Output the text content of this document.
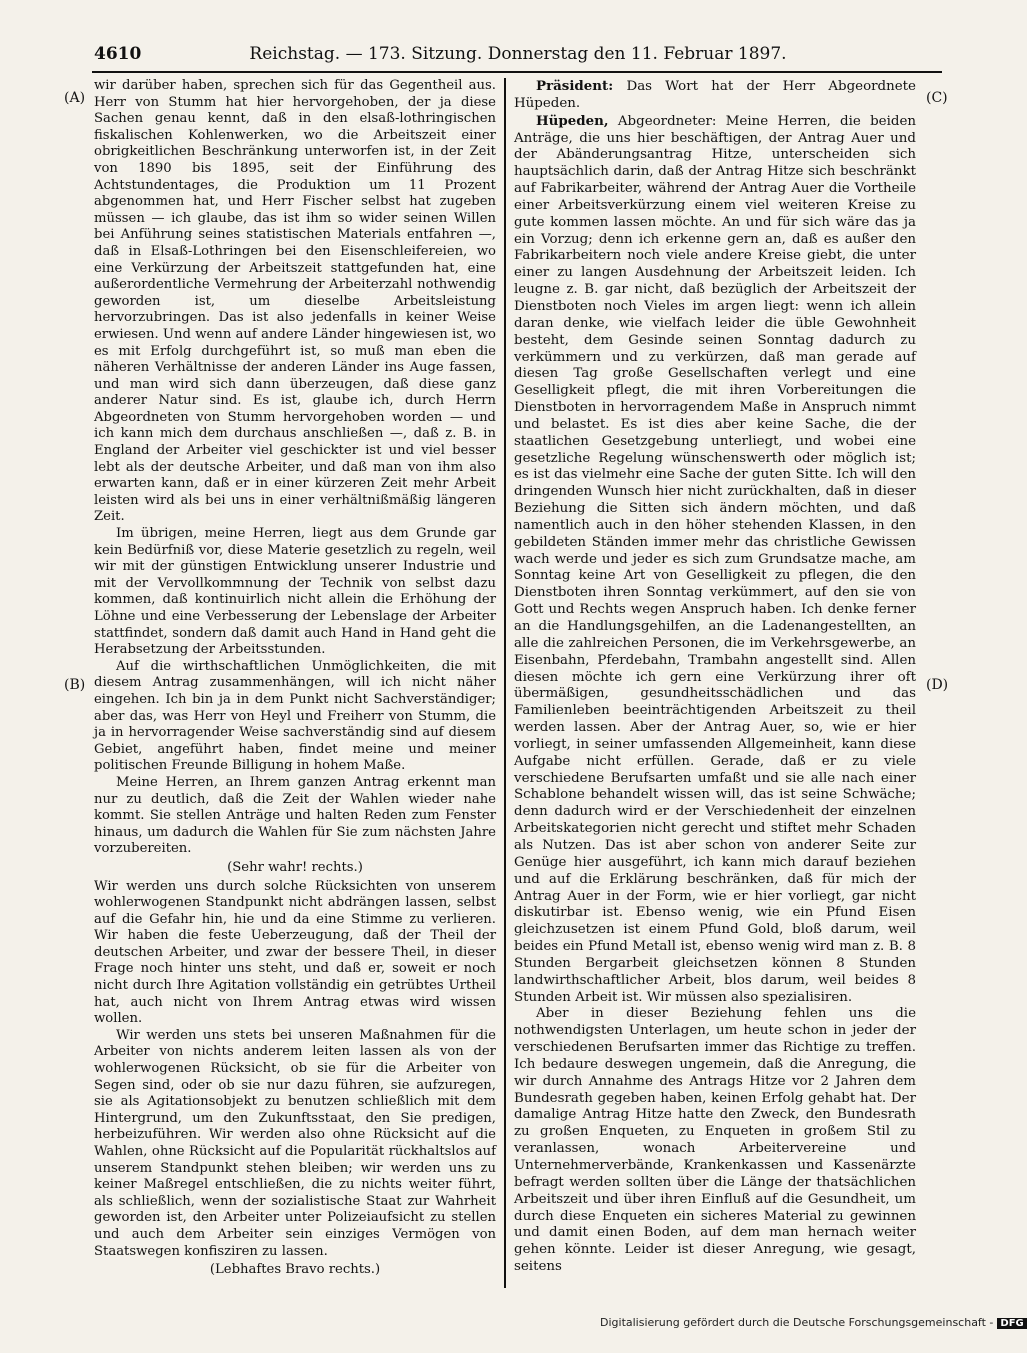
4610	Reichstag. — 173. Sitzung. Donnerstag den 11. Februar 1897.
(A)
(B)
(C)
(D)

wir darüber haben, sprechen sich für das Gegentheil aus. Herr von Stumm hat hier hervorgehoben, der ja diese Sachen genau kennt, daß in den elsaß-lothringischen fiskalischen Kohlenwerken, wo die Arbeitszeit einer obrigkeitlichen Beschränkung unterworfen ist, in der Zeit von 1890 bis 1895, seit der Einführung des Achtstundentages, die Produktion um 11 Prozent abgenommen hat, und Herr Fischer selbst hat zugeben müssen — ich glaube, das ist ihm so wider seinen Willen bei Anführung seines statistischen Materials entfahren —, daß in Elsaß-Lothringen bei den Eisenschleifereien, wo eine Verkürzung der Arbeitszeit stattgefunden hat, eine außerordentliche Vermehrung der Arbeiterzahl nothwendig geworden ist, um dieselbe Arbeitsleistung hervorzubringen. Das ist also jedenfalls in keiner Weise erwiesen. Und wenn auf andere Länder hingewiesen ist, wo es mit Erfolg durchgeführt ist, so muß man eben die näheren Verhältnisse der anderen Länder ins Auge fassen, und man wird sich dann überzeugen, daß diese ganz anderer Natur sind. Es ist, glaube ich, durch Herrn Abgeordneten von Stumm hervorgehoben worden — und ich kann mich dem durchaus anschließen —, daß z. B. in England der Arbeiter viel geschickter ist und viel besser lebt als der deutsche Arbeiter, und daß man von ihm also erwarten kann, daß er in einer kürzeren Zeit mehr Arbeit leisten wird als bei uns in einer verhältnißmäßig längeren Zeit.

Im übrigen, meine Herren, liegt aus dem Grunde gar kein Bedürfniß vor, diese Materie gesetzlich zu regeln, weil wir mit der günstigen Entwicklung unserer Industrie und mit der Vervollkommnung der Technik von selbst dazu kommen, daß kontinuirlich nicht allein die Erhöhung der Löhne und eine Verbesserung der Lebenslage der Arbeiter stattfindet, sondern daß damit auch Hand in Hand geht die Herabsetzung der Arbeitsstunden.

Auf die wirthschaftlichen Unmöglichkeiten, die mit diesem Antrag zusammenhängen, will ich nicht näher eingehen. Ich bin ja in dem Punkt nicht Sachverständiger; aber das, was Herr von Heyl und Freiherr von Stumm, die ja in hervorragender Weise sachverständig sind auf diesem Gebiet, angeführt haben, findet meine und meiner politischen Freunde Billigung in hohem Maße.

Meine Herren, an Ihrem ganzen Antrag erkennt man nur zu deutlich, daß die Zeit der Wahlen wieder nahe kommt. Sie stellen Anträge und halten Reden zum Fenster hinaus, um dadurch die Wahlen für Sie zum nächsten Jahre vorzubereiten.

(Sehr wahr! rechts.)

Wir werden uns durch solche Rücksichten von unserem wohlerwogenen Standpunkt nicht abdrängen lassen, selbst auf die Gefahr hin, hie und da eine Stimme zu verlieren. Wir haben die feste Ueberzeugung, daß der Theil der deutschen Arbeiter, und zwar der bessere Theil, in dieser Frage noch hinter uns steht, und daß er, soweit er noch nicht durch Ihre Agitation vollständig ein getrübtes Urtheil hat, auch nicht von Ihrem Antrag etwas wird wissen wollen.

Wir werden uns stets bei unseren Maßnahmen für die Arbeiter von nichts anderem leiten lassen als von der wohlerwogenen Rücksicht, ob sie für die Arbeiter von Segen sind, oder ob sie nur dazu führen, sie aufzuregen, sie als Agitationsobjekt zu benutzen schließlich mit dem Hintergrund, um den Zukunftsstaat, den Sie predigen, herbeizuführen. Wir werden also ohne Rücksicht auf die Wahlen, ohne Rücksicht auf die Popularität rückhaltslos auf unserem Standpunkt stehen bleiben; wir werden uns zu keiner Maßregel entschließen, die zu nichts weiter führt, als schließlich, wenn der sozialistische Staat zur Wahrheit geworden ist, den Arbeiter unter Polizeiaufsicht zu stellen und auch dem Arbeiter sein einziges Vermögen von Staatswegen konfisziren zu lassen.

(Lebhaftes Bravo rechts.)

Präsident: Das Wort hat der Herr Abgeordnete Hüpeden.

Hüpeden, Abgeordneter: Meine Herren, die beiden Anträge, die uns hier beschäftigen, der Antrag Auer und der Abänderungsantrag Hitze, unterscheiden sich hauptsächlich darin, daß der Antrag Hitze sich beschränkt auf Fabrikarbeiter, während der Antrag Auer die Vortheile einer Arbeitsverkürzung einem viel weiteren Kreise zu gute kommen lassen möchte. An und für sich wäre das ja ein Vorzug; denn ich erkenne gern an, daß es außer den Fabrikarbeitern noch viele andere Kreise giebt, die unter einer zu langen Ausdehnung der Arbeitszeit leiden. Ich leugne z. B. gar nicht, daß bezüglich der Arbeitszeit der Dienstboten noch Vieles im argen liegt: wenn ich allein daran denke, wie vielfach leider die üble Gewohnheit besteht, dem Gesinde seinen Sonntag dadurch zu verkümmern und zu verkürzen, daß man gerade auf diesen Tag große Gesellschaften verlegt und eine Geselligkeit pflegt, die mit ihren Vorbereitungen die Dienstboten in hervorragendem Maße in Anspruch nimmt und belastet. Es ist dies aber keine Sache, die der staatlichen Gesetzgebung unterliegt, und wobei eine gesetzliche Regelung wünschenswerth oder möglich ist; es ist das vielmehr eine Sache der guten Sitte. Ich will den dringenden Wunsch hier nicht zurückhalten, daß in dieser Beziehung die Sitten sich ändern möchten, und daß namentlich auch in den höher stehenden Klassen, in den gebildeten Ständen immer mehr das christliche Gewissen wach werde und jeder es sich zum Grundsatze mache, am Sonntag keine Art von Geselligkeit zu pflegen, die den Dienstboten ihren Sonntag verkümmert, auf den sie von Gott und Rechts wegen Anspruch haben. Ich denke ferner an die Handlungsgehilfen, an die Ladenangestellten, an alle die zahlreichen Personen, die im Verkehrsgewerbe, an Eisenbahn, Pferdebahn, Trambahn angestellt sind. Allen diesen möchte ich gern eine Verkürzung ihrer oft übermäßigen, gesundheitsschädlichen und das Familienleben beeinträchtigenden Arbeitszeit zu theil werden lassen. Aber der Antrag Auer, so, wie er hier vorliegt, in seiner umfassenden Allgemeinheit, kann diese Aufgabe nicht erfüllen. Gerade, daß er zu viele verschiedene Berufsarten umfaßt und sie alle nach einer Schablone behandelt wissen will, das ist seine Schwäche; denn dadurch wird er der Verschiedenheit der einzelnen Arbeitskategorien nicht gerecht und stiftet mehr Schaden als Nutzen. Das ist aber schon von anderer Seite zur Genüge hier ausgeführt, ich kann mich darauf beziehen und auf die Erklärung beschränken, daß für mich der Antrag Auer in der Form, wie er hier vorliegt, gar nicht diskutirbar ist. Ebenso wenig, wie ein Pfund Eisen gleichzusetzen ist einem Pfund Gold, bloß darum, weil beides ein Pfund Metall ist, ebenso wenig wird man z. B. 8 Stunden Bergarbeit gleichsetzen können 8 Stunden landwirthschaftlicher Arbeit, blos darum, weil beides 8 Stunden Arbeit ist. Wir müssen also spezialisiren.

Aber in dieser Beziehung fehlen uns die nothwendigsten Unterlagen, um heute schon in jeder der verschiedenen Berufsarten immer das Richtige zu treffen. Ich bedaure deswegen ungemein, daß die Anregung, die wir durch Annahme des Antrags Hitze vor 2 Jahren dem Bundesrath gegeben haben, keinen Erfolg gehabt hat. Der damalige Antrag Hitze hatte den Zweck, den Bundesrath zu großen Enqueten, zu Enqueten in großem Stil zu veranlassen, wonach Arbeitervereine und Unternehmerverbände, Krankenkassen und Kassenärzte befragt werden sollten über die Länge der thatsächlichen Arbeitszeit und über ihren Einfluß auf die Gesundheit, um durch diese Enqueten ein sicheres Material zu gewinnen und damit einen Boden, auf dem man hernach weiter gehen könnte. Leider ist dieser Anregung, wie gesagt, seitens

Digitalisierung gefördert durch die Deutsche Forschungsgemeinschaft - DFG
